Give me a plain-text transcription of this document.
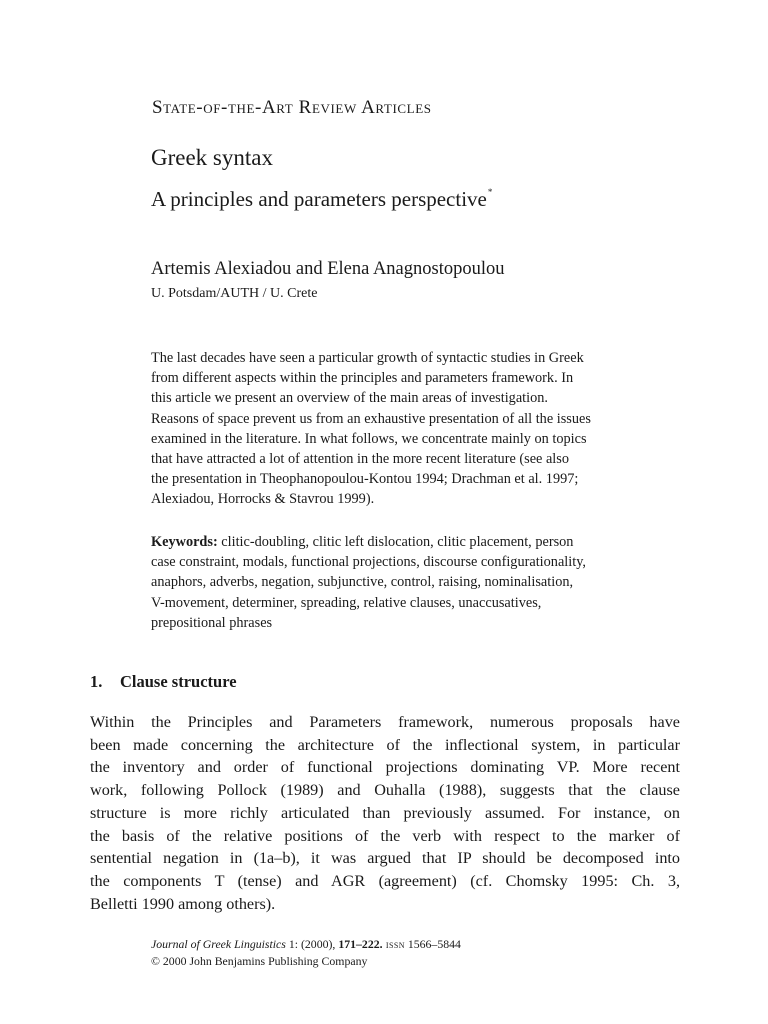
State-of-the-Art Review Articles
Greek syntax
A principles and parameters perspective*
Artemis Alexiadou and Elena Anagnostopoulou
U. Potsdam/AUTH / U. Crete
The last decades have seen a particular growth of syntactic studies in Greek
from different aspects within the principles and parameters framework. In
this article we present an overview of the main areas of investigation.
Reasons of space prevent us from an exhaustive presentation of all the issues
examined in the literature. In what follows, we concentrate mainly on topics
that have attracted a lot of attention in the more recent literature (see also
the presentation in Theophanopoulou-Kontou 1994; Drachman et al. 1997;
Alexiadou, Horrocks & Stavrou 1999).
Keywords: clitic-doubling, clitic left dislocation, clitic placement, person
case constraint, modals, functional projections, discourse configurationality,
anaphors, adverbs, negation, subjunctive, control, raising, nominalisation,
V-movement, determiner, spreading, relative clauses, unaccusatives,
prepositional phrases
1. Clause structure
Within the Principles and Parameters framework, numerous proposals have
been made concerning the architecture of the inflectional system, in particular
the inventory and order of functional projections dominating VP. More recent
work, following Pollock (1989) and Ouhalla (1988), suggests that the clause
structure is more richly articulated than previously assumed. For instance, on
the basis of the relative positions of the verb with respect to the marker of
sentential negation in (1a–b), it was argued that IP should be decomposed into
the components T (tense) and AGR (agreement) (cf. Chomsky 1995: Ch. 3,
Belletti 1990 among others).
Journal of Greek Linguistics 1: (2000), 171–222. issn 1566–5844
© 2000 John Benjamins Publishing Company
